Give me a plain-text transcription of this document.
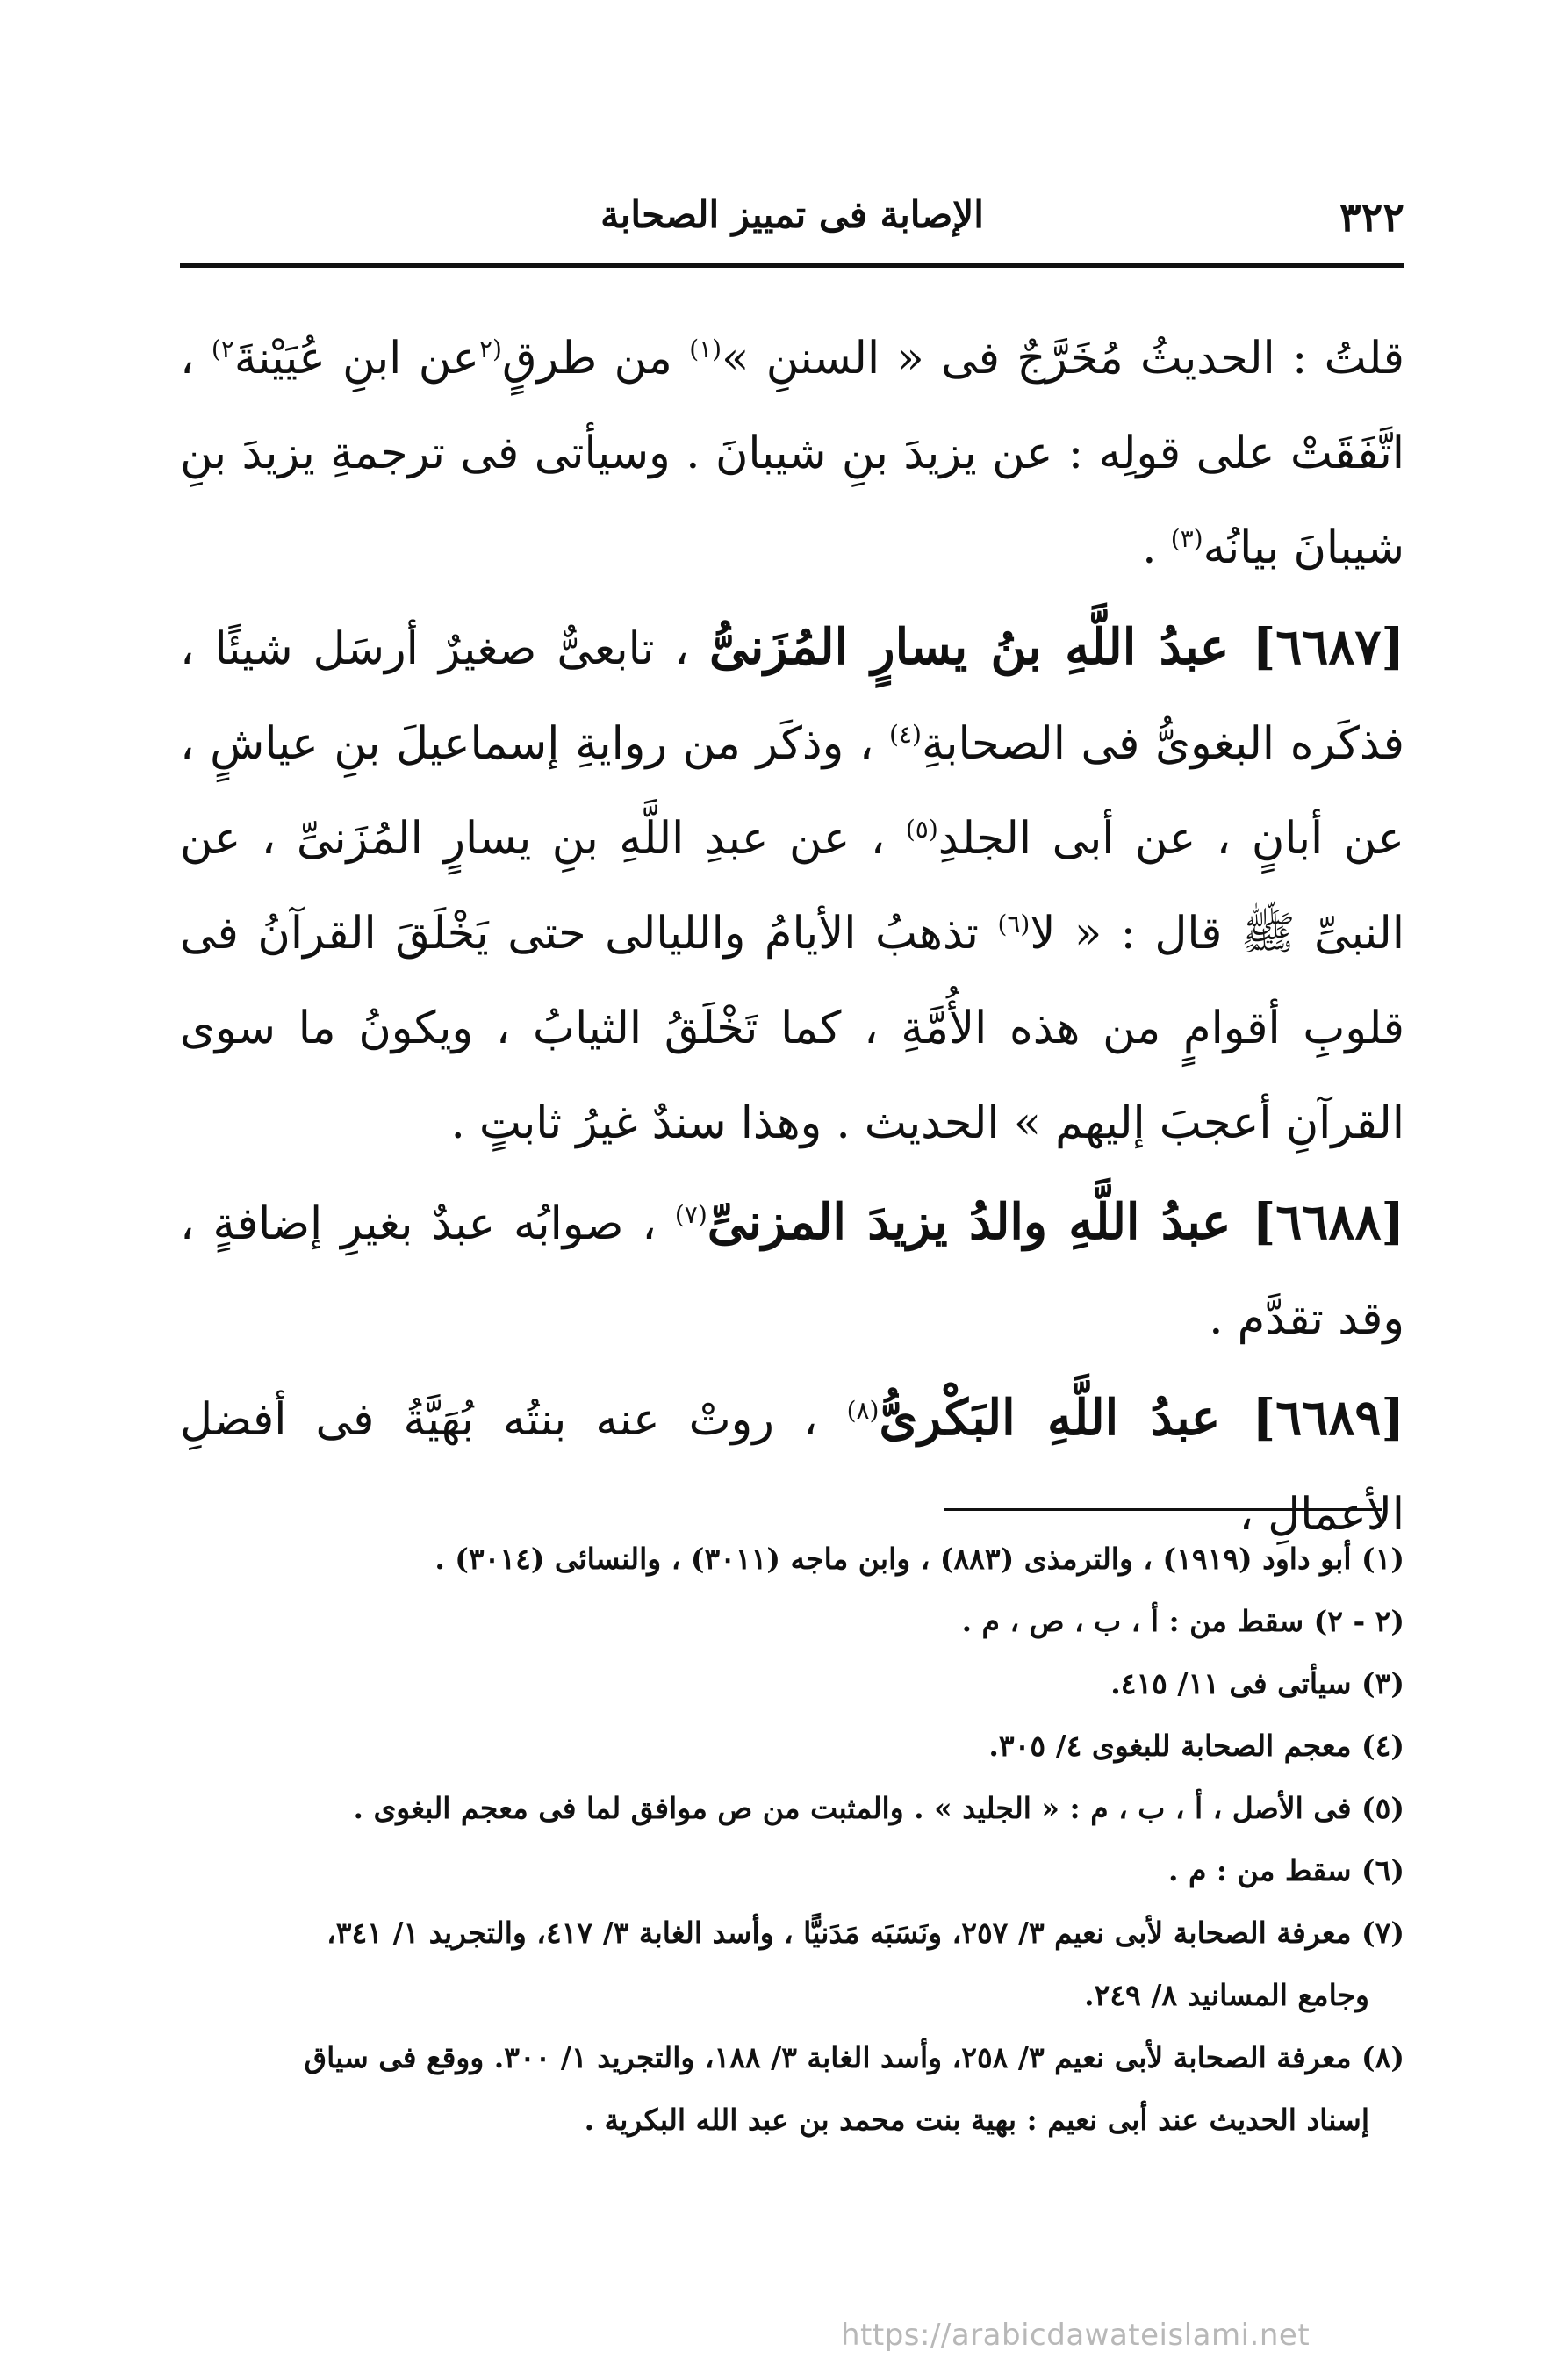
٣٢٢
الإصابة فى تمييز الصحابة

قلتُ : الحديثُ مُخَرَّجٌ فى « السننِ »$^{(١)}$ من طرقٍ$^{(٢}$عن ابنِ عُيَيْنةَ$^{٢)}$ ، اتَّفَقَتْ على قولِه : عن يزيدَ بنِ شيبانَ . وسيأتى فى ترجمةِ يزيدَ بنِ شيبانَ بيانُه$^{(٣)}$ .

[٦٦٨٧] عبدُ اللَّهِ بنُ يسارٍ المُزَنىُّ ، تابعىٌّ صغيرٌ أرسَل شيئًا ، فذكَره البغوىُّ فى الصحابةِ$^{(٤)}$ ، وذكَر من روايةِ إسماعيلَ بنِ عياشٍ ، عن أبانٍ ، عن أبى الجلدِ$^{(٥)}$ ، عن عبدِ اللَّهِ بنِ يسارٍ المُزَنىِّ ، عن النبىِّ ﷺ قال : « لا$^{(٦)}$ تذهبُ الأيامُ والليالى حتى يَخْلَقَ القرآنُ فى قلوبِ أقوامٍ من هذه الأُمَّةِ ، كما تَخْلَقُ الثيابُ ، ويكونُ ما سوى القرآنِ أعجبَ إليهم » الحديث . وهذا سندٌ غيرُ ثابتٍ .

[٦٦٨٨] عبدُ اللَّهِ والدُ يزيدَ المزنىِّ$^{(٧)}$ ، صوابُه عبدٌ بغيرِ إضافةٍ ، وقد تقدَّم .

[٦٦٨٩] عبدُ اللَّهِ البَكْرىُّ$^{(٨)}$ ، روتْ عنه بنتُه بُهَيَّةُ فى أفضلِ الأعمالِ ،

(١) أبو داود (١٩١٩) ، والترمذى (٨٨٣) ، وابن ماجه (٣٠١١) ، والنسائى (٣٠١٤) .

(٢ - ٢) سقط من : أ ، ب ، ص ، م .

(٣) سيأتى فى ١١/ ٤١٥.

(٤) معجم الصحابة للبغوى ٤/ ٣٠٥.

(٥) فى الأصل ، أ ، ب ، م : « الجليد » . والمثبت من ص موافق لما فى معجم البغوى .

(٦) سقط من : م .

(٧) معرفة الصحابة لأبى نعيم ٣/ ٢٥٧، ونَسَبَه مَدَنيًّا ، وأسد الغابة ٣/ ٤١٧، والتجريد ١/ ٣٤١،

وجامع المسانيد ٨/ ٢٤٩.

(٨) معرفة الصحابة لأبى نعيم ٣/ ٢٥٨، وأسد الغابة ٣/ ١٨٨، والتجريد ١/ ٣٠٠. ووقع فى سياق

إسناد الحديث عند أبى نعيم : بهية بنت محمد بن عبد الله البكرية .

https://arabicdawateislami.net
